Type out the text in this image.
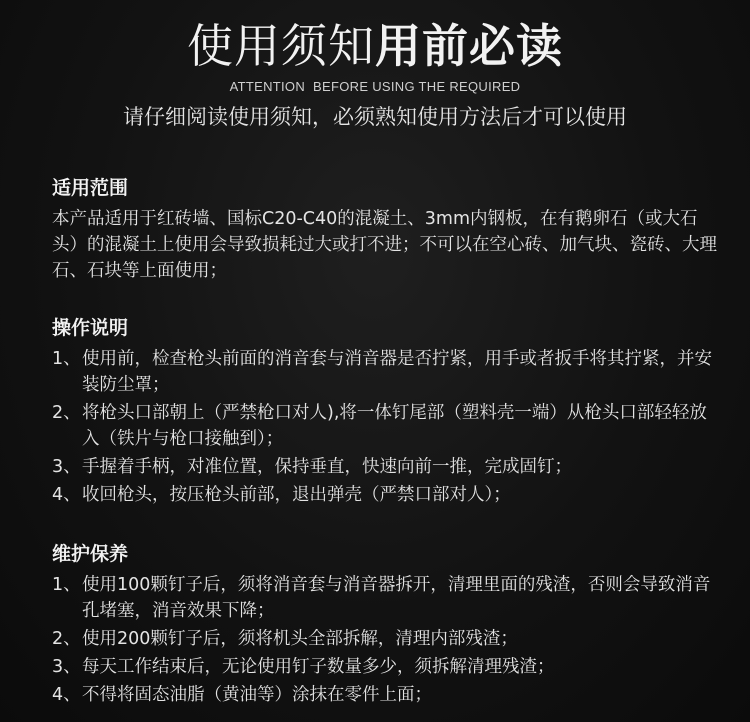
使用须知用前必读
ATTENTION BEFORE USING THE REQUIRED
请仔细阅读使用须知，必须熟知使用方法后才可以使用
适用范围
本产品适用于红砖墙、国标C20-C40的混凝土、3mm内钢板，在有鹅卵石（或大石头）的混凝土上使用会导致损耗过大或打不进；不可以在空心砖、加气块、瓷砖、大理石、石块等上面使用；
操作说明
1、 使用前，检查枪头前面的消音套与消音器是否拧紧，用手或者扳手将其拧紧，并安装防尘罩；
2、 将枪头口部朝上（严禁枪口对人),将一体钉尾部（塑料壳一端）从枪头口部轻轻放入（铁片与枪口接触到）；
3、 手握着手柄，对准位置，保持垂直，快速向前一推，完成固钉；
4、 收回枪头，按压枪头前部，退出弹壳（严禁口部对人）；
维护保养
1、 使用100颗钉子后，须将消音套与消音器拆开，清理里面的残渣，否则会导致消音孔堵塞，消音效果下降；
2、 使用200颗钉子后，须将机头全部拆解，清理内部残渣；
3、 每天工作结束后，无论使用钉子数量多少，须拆解清理残渣；
4、 不得将固态油脂（黄油等）涂抹在零件上面；
